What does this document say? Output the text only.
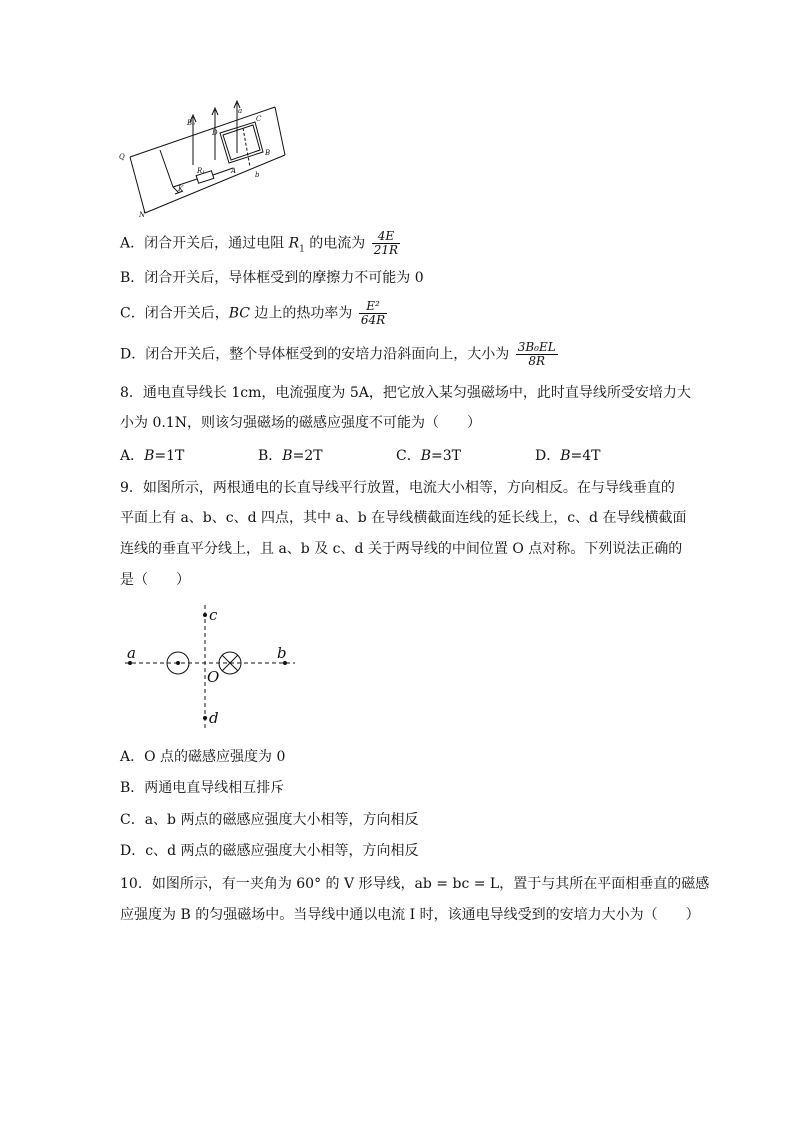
Q
N
B₀
D
a
C
B
A	b
R₁
K
A．闭合开关后，通过电阻 $R_1$ 的电流为 $\frac{4E}{21R}$
B．闭合开关后，导体框受到的摩擦力不可能为 0
C．闭合开关后，BC 边上的热功率为 $\frac{\text{E²}}{64R}$
D．闭合开关后，整个导体框受到的安培力沿斜面向上，大小为 $\frac{\text{3B₀EL}}{8R}$
8．通电直导线长 1cm，电流强度为 5A，把它放入某匀强磁场中，此时直导线所受安培力大
小为 0.1N，则该匀强磁场的磁感应强度不可能为（　　）
A．B=1T	B．B=2T	C．B=3T	D．B=4T
9．如图所示，两根通电的长直导线平行放置，电流大小相等，方向相反。在与导线垂直的
平面上有 a、b、c、d 四点，其中 a、b 在导线横截面连线的延长线上，c、d 在导线横截面
连线的垂直平分线上，且 a、b 及 c、d 关于两导线的中间位置 O 点对称。下列说法正确的
是（　　）
a	b
c
d
O
A．O 点的磁感应强度为 0
B．两通电直导线相互排斥
C．a、b 两点的磁感应强度大小相等，方向相反
D．c、d 两点的磁感应强度大小相等，方向相反
10．如图所示，有一夹角为 60° 的 V 形导线，ab = bc = L，置于与其所在平面相垂直的磁感
应强度为 B 的匀强磁场中。当导线中通以电流 I 时，该通电导线受到的安培力大小为（　　）
